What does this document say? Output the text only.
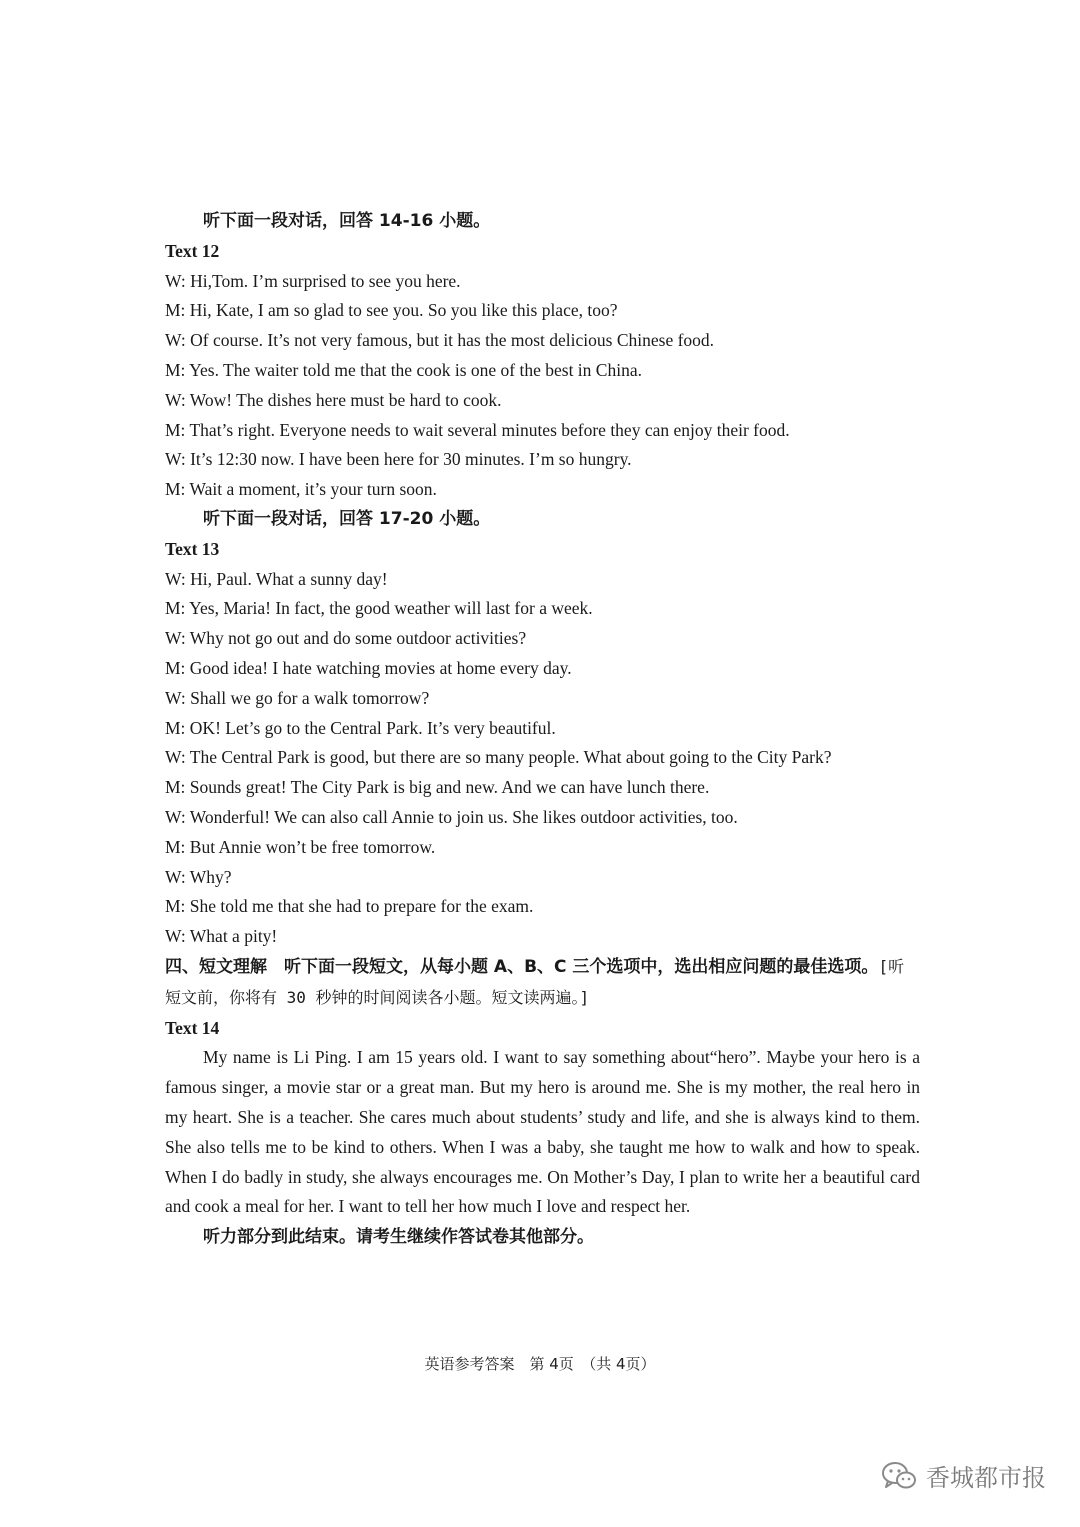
听下面一段对话，回答 14-16 小题。
Text 12
W: Hi,Tom. I’m surprised to see you here.
M: Hi, Kate, I am so glad to see you. So you like this place, too?
W: Of course. It’s not very famous, but it has the most delicious Chinese food.
M: Yes. The waiter told me that the cook is one of the best in China.
W: Wow! The dishes here must be hard to cook.
M: That’s right. Everyone needs to wait several minutes before they can enjoy their food.
W: It’s 12:30 now. I have been here for 30 minutes. I’m so hungry.
M: Wait a moment, it’s your turn soon.
听下面一段对话，回答 17-20 小题。
Text 13
W: Hi, Paul. What a sunny day!
M: Yes, Maria! In fact, the good weather will last for a week.
W: Why not go out and do some outdoor activities?
M: Good idea! I hate watching movies at home every day.
W: Shall we go for a walk tomorrow?
M: OK! Let’s go to the Central Park. It’s very beautiful.
W: The Central Park is good, but there are so many people. What about going to the City Park?
M: Sounds great! The City Park is big and new. And we can have lunch there.
W: Wonderful! We can also call Annie to join us. She likes outdoor activities, too.
M: But Annie won’t be free tomorrow.
W: Why?
M: She told me that she had to prepare for the exam.
W: What a pity!
四、短文理解　听下面一段短文，从每小题 A、B、C 三个选项中，选出相应问题的最佳选项。[听短文前，你将有 30 秒钟的时间阅读各小题。短文读两遍。]
Text 14
My name is Li Ping. I am 15 years old. I want to say something about“hero”. Maybe your hero is a famous singer, a movie star or a great man. But my hero is around me. She is my mother, the real hero in my heart. She is a teacher. She cares much about students’ study and life, and she is always kind to them. She also tells me to be kind to others. When I was a baby, she taught me how to walk and how to speak. When I do badly in study, she always encourages me. On Mother’s Day, I plan to write her a beautiful card and cook a meal for her. I want to tell her how much I love and respect her.
听力部分到此结束。请考生继续作答试卷其他部分。
英语参考答案　第 4页　（共 4页）
香城都市报
